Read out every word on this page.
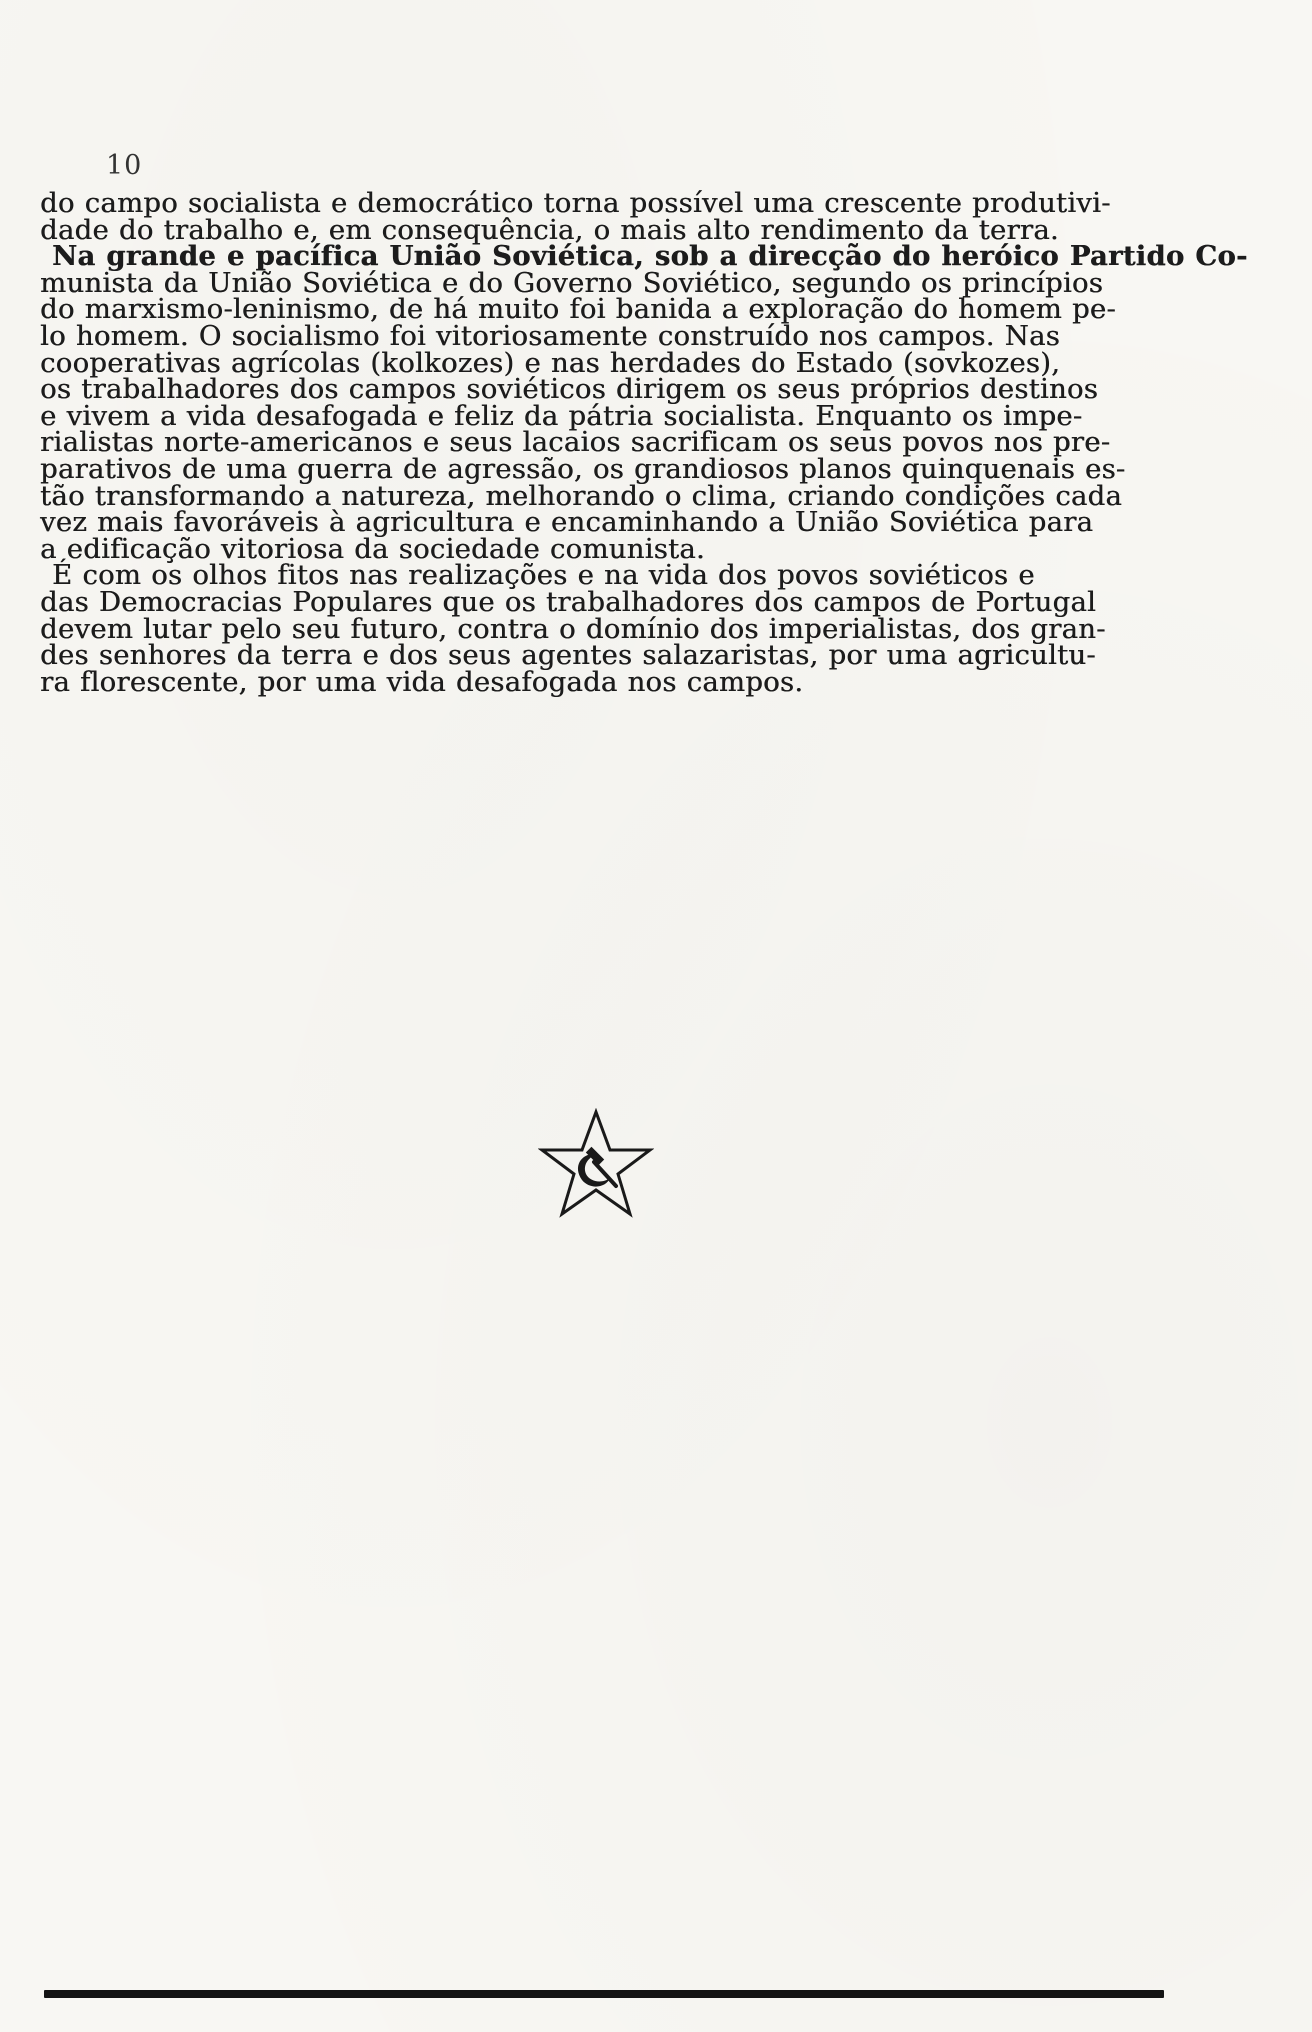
10
do campo socialista e democrático torna possível uma crescente produtivi-
dade do trabalho e, em consequência, o mais alto rendimento da terra.
Na grande e pacífica União Soviética, sob a direcção do heróico Partido Co-
munista da União Soviética e do Governo Soviético, segundo os princípios
do marxismo-leninismo, de há muito foi banida a exploração do homem pe-
lo homem. O socialismo foi vitoriosamente construído nos campos. Nas
cooperativas agrícolas (kolkozes) e nas herdades do Estado (sovkozes),
os trabalhadores dos campos soviéticos dirigem os seus próprios destinos
e vivem a vida desafogada e feliz da pátria socialista. Enquanto os impe-
rialistas norte-americanos e seus lacaios sacrificam os seus povos nos pre-
parativos de uma guerra de agressão, os grandiosos planos quinquenais es-
tão transformando a natureza, melhorando o clima, criando condições cada
vez mais favoráveis à agricultura e encaminhando a União Soviética para
a edificação vitoriosa da sociedade comunista.
É com os olhos fitos nas realizações e na vida dos povos soviéticos e
das Democracias Populares que os trabalhadores dos campos de Portugal
devem lutar pelo seu futuro, contra o domínio dos imperialistas, dos gran-
des senhores da terra e dos seus agentes salazaristas, por uma agricultu-
ra florescente, por uma vida desafogada nos campos.
